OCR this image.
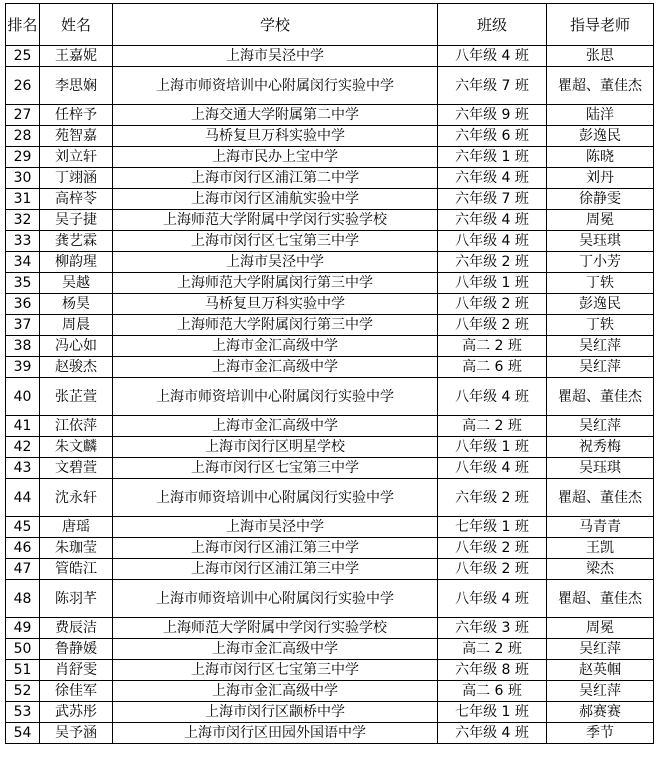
排名	姓名	学校	班级	指导老师
25	王嘉妮	上海市吴泾中学	八年级 4 班	张思

26	李思娴	上海市师资培训中心附属闵行实验中学	六年级 7 班	瞿超、董佳杰

27	任梓予	上海交通大学附属第二中学	六年级 9 班	陆洋

28	苑智嘉	马桥复旦万科实验中学	六年级 6 班	彭逸民

29	刘立轩	上海市民办上宝中学	六年级 1 班	陈晓

30	丁翊涵	上海市闵行区浦江第二中学	六年级 4 班	刘丹

31	高梓苓	上海市闵行区浦航实验中学	六年级 7 班	徐静雯

32	吴子捷	上海师范大学附属中学闵行实验学校	六年级 4 班	周冕

33	龚艺霖	上海市闵行区七宝第三中学	八年级 4 班	吴珏琪

34	柳韵瑆	上海市吴泾中学	六年级 2 班	丁小芳

35	吴越	上海师范大学附属闵行第三中学	八年级 1 班	丁轶

36	杨昊	马桥复旦万科实验中学	八年级 2 班	彭逸民

37	周晨	上海师范大学附属闵行第三中学	八年级 2 班	丁轶

38	冯心如	上海市金汇高级中学	高二 2 班	吴红萍

39	赵骏杰	上海市金汇高级中学	高二 6 班	吴红萍

40	张芷萱	上海市师资培训中心附属闵行实验中学	八年级 4 班	瞿超、董佳杰

41	江依萍	上海市金汇高级中学	高二 2 班	吴红萍

42	朱文麟	上海市闵行区明星学校	八年级 1 班	祝秀梅

43	文碧萱	上海市闵行区七宝第三中学	八年级 4 班	吴珏琪

44	沈永轩	上海市师资培训中心附属闵行实验中学	六年级 2 班	瞿超、董佳杰

45	唐瑶	上海市吴泾中学	七年级 1 班	马青青

46	朱珈莹	上海市闵行区浦江第三中学	八年级 2 班	王凯

47	管皓江	上海市闵行区浦江第三中学	八年级 2 班	梁杰

48	陈羽芊	上海市师资培训中心附属闵行实验中学	八年级 4 班	瞿超、董佳杰

49	费辰洁	上海师范大学附属中学闵行实验学校	六年级 3 班	周冕

50	鲁静媛	上海市金汇高级中学	高二 2 班	吴红萍

51	肖舒雯	上海市闵行区七宝第三中学	六年级 8 班	赵英帼

52	徐佳军	上海市金汇高级中学	高二 6 班	吴红萍

53	武苏彤	上海市闵行区颛桥中学	七年级 1 班	郝赛赛

54	吴予涵	上海市闵行区田园外国语中学	六年级 4 班	季节
